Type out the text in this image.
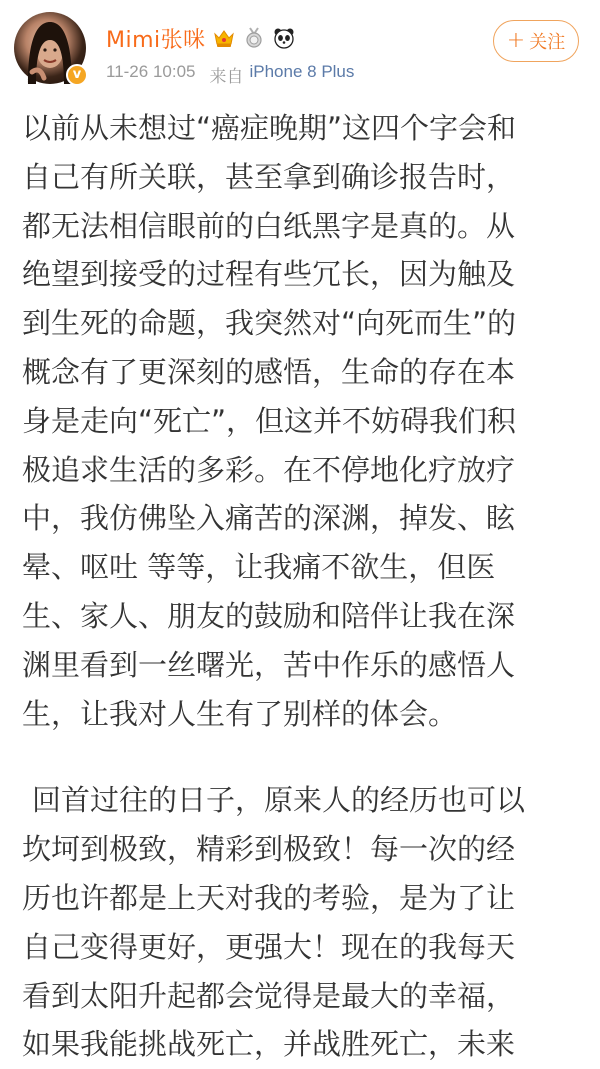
v
Mimi张咪
11-26 10:05 来自 iPhone 8 Plus
+ 关注
以前从未想过“癌症晚期”这四个字会和
自己有所关联，甚至拿到确诊报告时，
都无法相信眼前的白纸黑字是真的。从
绝望到接受的过程有些冗长，因为触及
到生死的命题，我突然对“向死而生”的
概念有了更深刻的感悟，生命的存在本
身是走向“死亡”，但这并不妨碍我们积
极追求生活的多彩。在不停地化疗放疗
中，我仿佛坠入痛苦的深渊，掉发、眩
晕、呕吐 等等，让我痛不欲生，但医
生、家人、朋友的鼓励和陪伴让我在深
渊里看到一丝曙光，苦中作乐的感悟人
生，让我对人生有了别样的体会。
回首过往的日子，原来人的经历也可以
坎坷到极致，精彩到极致！每一次的经
历也许都是上天对我的考验，是为了让
自己变得更好，更强大！现在的我每天
看到太阳升起都会觉得是最大的幸福，
如果我能挑战死亡，并战胜死亡，未来
